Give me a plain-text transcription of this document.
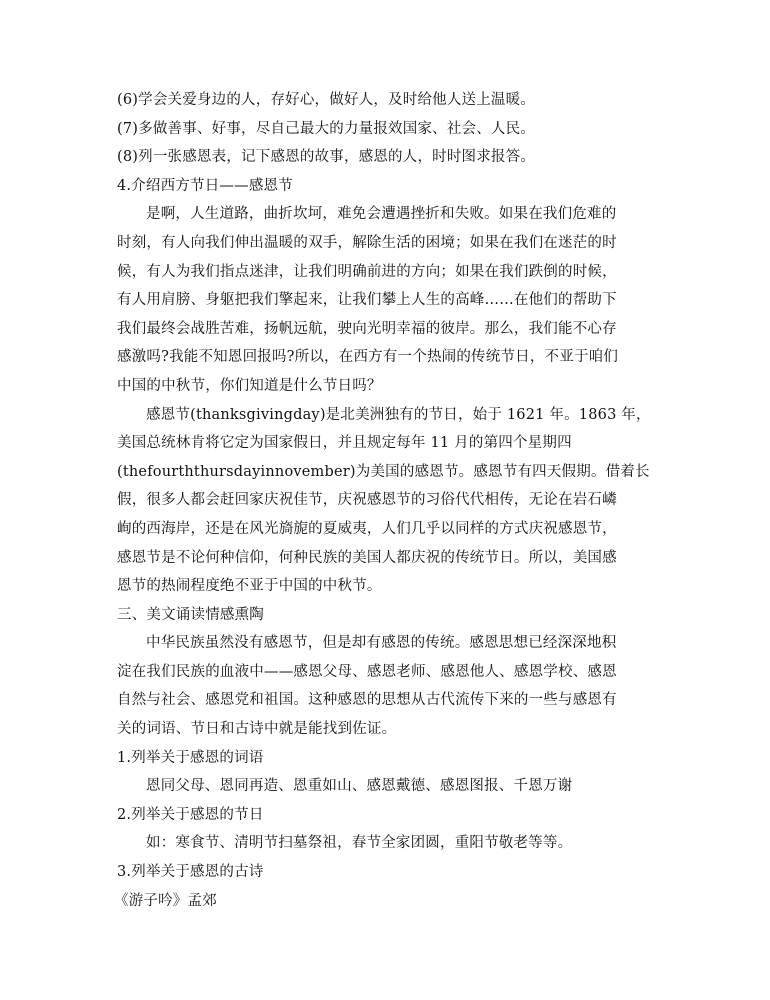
(6)学会关爱身边的人，存好心，做好人，及时给他人送上温暖。
(7)多做善事、好事，尽自己最大的力量报效国家、社会、人民。
(8)列一张感恩表，记下感恩的故事，感恩的人，时时图求报答。
4.介绍西方节日——感恩节
是啊，人生道路，曲折坎坷，难免会遭遇挫折和失败。如果在我们危难的
时刻，有人向我们伸出温暖的双手，解除生活的困境；如果在我们在迷茫的时
候，有人为我们指点迷津，让我们明确前进的方向；如果在我们跌倒的时候，
有人用肩膀、身躯把我们擎起来，让我们攀上人生的高峰……在他们的帮助下
我们最终会战胜苦难，扬帆远航，驶向光明幸福的彼岸。那么，我们能不心存
感激吗?我能不知恩回报吗?所以，在西方有一个热闹的传统节日，不亚于咱们
中国的中秋节，你们知道是什么节日吗？
感恩节(thanksgivingday)是北美洲独有的节日，始于 1621 年。1863 年，
美国总统林肯将它定为国家假日，并且规定每年 11 月的第四个星期四
(thefourththursdayinnovember)为美国的感恩节。感恩节有四天假期。借着长
假，很多人都会赶回家庆祝佳节，庆祝感恩节的习俗代代相传，无论在岩石嶙
峋的西海岸，还是在风光旖旎的夏威夷，人们几乎以同样的方式庆祝感恩节，
感恩节是不论何种信仰，何种民族的美国人都庆祝的传统节日。所以，美国感
恩节的热闹程度绝不亚于中国的中秋节。
三、美文诵读情感熏陶
中华民族虽然没有感恩节，但是却有感恩的传统。感恩思想已经深深地积
淀在我们民族的血液中——感恩父母、感恩老师、感恩他人、感恩学校、感恩
自然与社会、感恩党和祖国。这种感恩的思想从古代流传下来的一些与感恩有
关的词语、节日和古诗中就是能找到佐证。
1.列举关于感恩的词语
恩同父母、恩同再造、恩重如山、感恩戴德、感恩图报、千恩万谢
2.列举关于感恩的节日
如：寒食节、清明节扫墓祭祖，春节全家团圆，重阳节敬老等等。
3.列举关于感恩的古诗
《游子吟》孟郊
